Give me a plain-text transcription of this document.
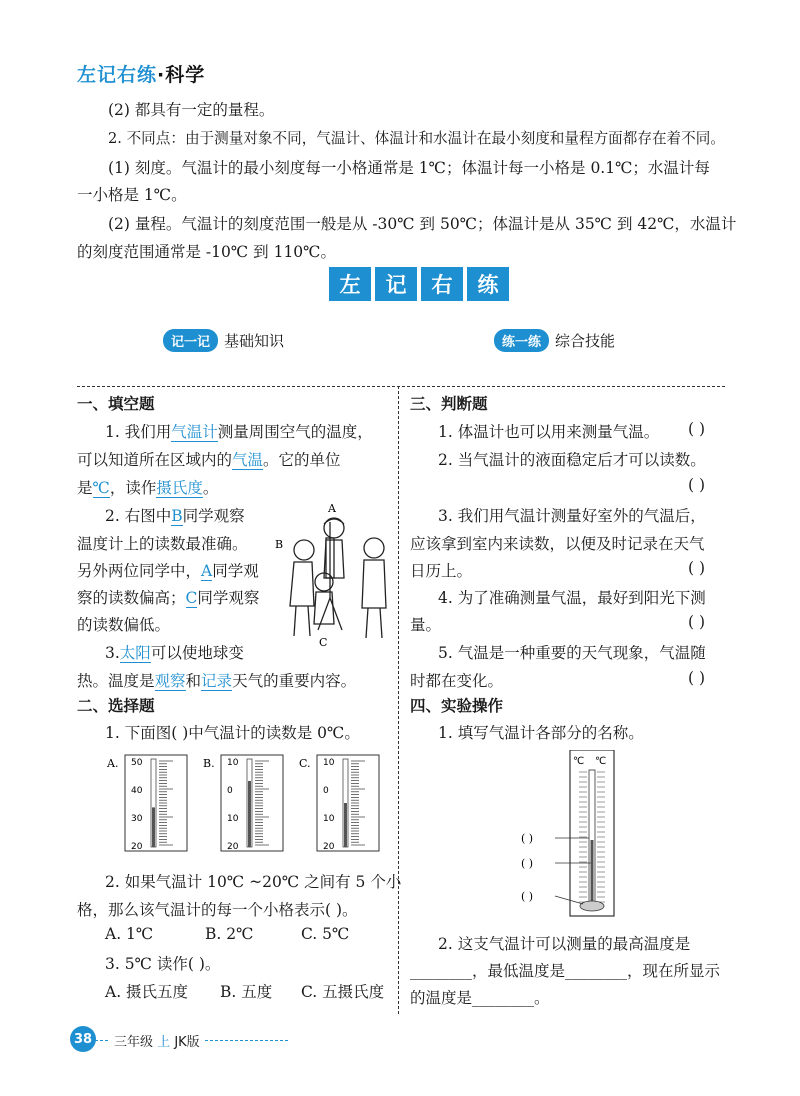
左记右练·科学
(2) 都具有一定的量程。
2. 不同点：由于测量对象不同，气温计、体温计和水温计在最小刻度和量程方面都存在着不同。
(1) 刻度。气温计的最小刻度每一小格通常是 1℃；体温计每一小格是 0.1℃；水温计每
一小格是 1℃。
(2) 量程。气温计的刻度范围一般是从 -30℃ 到 50℃；体温计是从 35℃ 到 42℃，水温计
的刻度范围通常是 -10℃ 到 110℃。
左	记	右	练
记一记 基础知识	练一练 综合技能
一、填空题
1. 我们用气温计测量周围空气的温度，
可以知道所在区域内的气温。它的单位
是℃，读作摄氏度。
2. 右图中B同学观察
温度计上的读数最准确。
另外两位同学中，A同学观
察的读数偏高；C同学观察
的读数偏低。
A
B
C
3.太阳可以使地球变
热。温度是观察和记录天气的重要内容。
二、选择题
1. 下面图( )中气温计的读数是 0℃。
A. 50
40
30
20
B. 10
0
10
20
C. 10
0
10
20
2. 如果气温计 10℃ ~20℃ 之间有 5 个小
格，那么该气温计的每一个小格表示( )。
A. 1℃	B. 2℃	C. 5℃
3. 5℃ 读作( )。
A. 摄氏五度 B. 五度 C. 五摄氏度
三、判断题
1. 体温计也可以用来测量气温。 ( )
2. 当气温计的液面稳定后才可以读数。
( )
3. 我们用气温计测量好室外的气温后，
应该拿到室内来读数，以便及时记录在天气
日历上。	( )
4. 为了准确测量气温，最好到阳光下测
量。	( )
5. 气温是一种重要的天气现象，气温随
时都在变化。	( )
四、实验操作
1. 填写气温计各部分的名称。
℃ ℃
( )
( )
( )
2. 这支气温计可以测量的最高温度是
________，最低温度是________，现在所显示
的温度是________。
38	三年级 上 JK版
